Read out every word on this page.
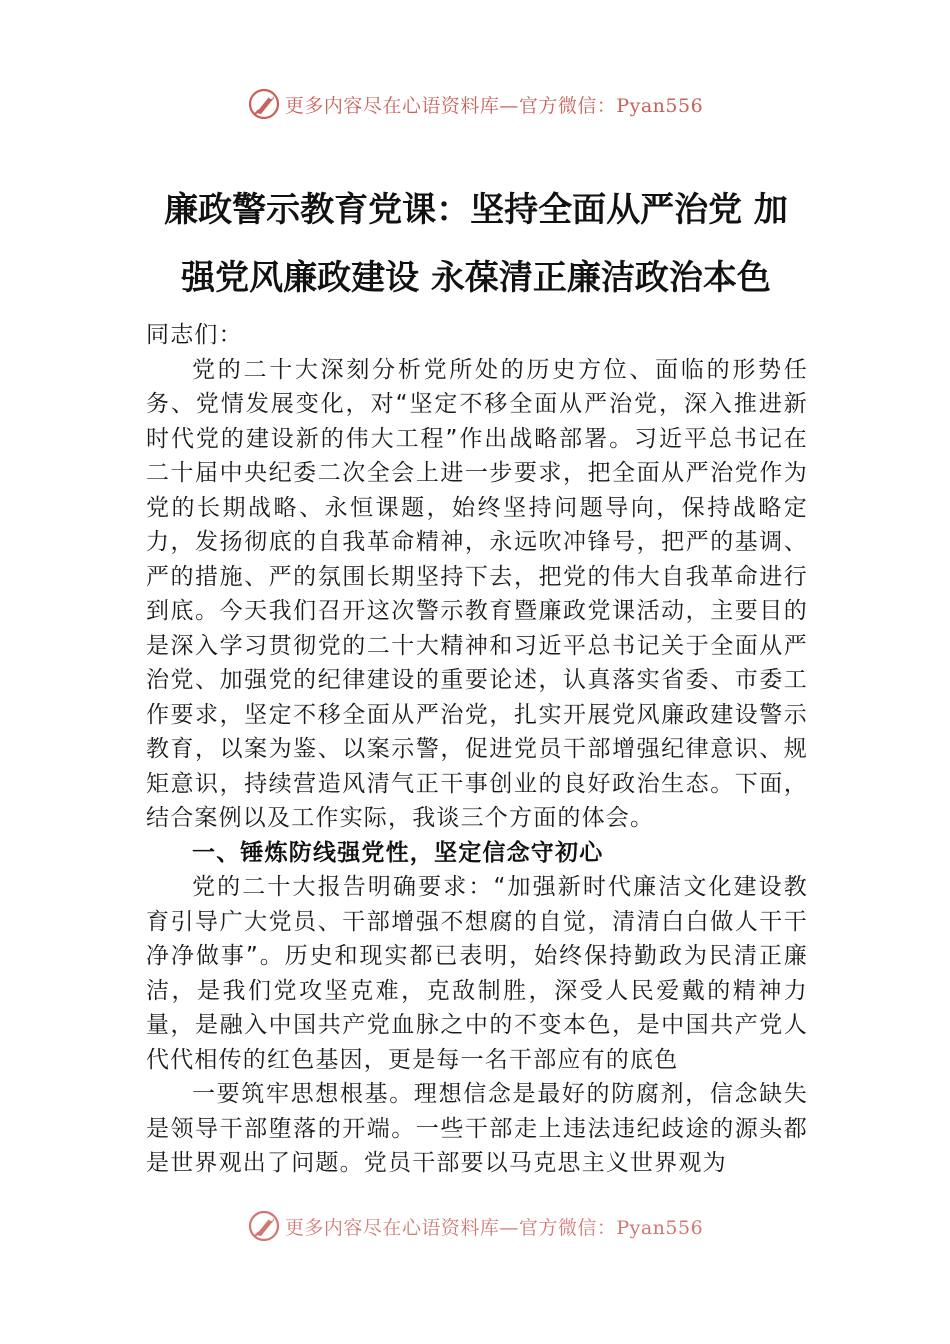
更多内容尽在心语资料库—官方微信：Pyan556
廉政警示教育党课：坚持全面从严治党 加
强党风廉政建设 永葆清正廉洁政治本色

同志们：

党的二十大深刻分析党所处的历史方位、面临的形势任务、党情发展变化，对“坚定不移全面从严治党，深入推进新时代党的建设新的伟大工程”作出战略部署。习近平总书记在二十届中央纪委二次全会上进一步要求，把全面从严治党作为党的长期战略、永恒课题，始终坚持问题导向，保持战略定力，发扬彻底的自我革命精神，永远吹冲锋号，把严的基调、严的措施、严的氛围长期坚持下去，把党的伟大自我革命进行到底。今天我们召开这次警示教育暨廉政党课活动，主要目的是深入学习贯彻党的二十大精神和习近平总书记关于全面从严治党、加强党的纪律建设的重要论述，认真落实省委、市委工作要求，坚定不移全面从严治党，扎实开展党风廉政建设警示教育，以案为鉴、以案示警，促进党员干部增强纪律意识、规矩意识，持续营造风清气正干事创业的良好政治生态。下面，结合案例以及工作实际，我谈三个方面的体会。

一、锤炼防线强党性，坚定信念守初心

党的二十大报告明确要求：“加强新时代廉洁文化建设教育引导广大党员、干部增强不想腐的自觉，清清白白做人干干净净做事”。历史和现实都已表明，始终保持勤政为民清正廉洁，是我们党攻坚克难，克敌制胜，深受人民爱戴的精神力量，是融入中国共产党血脉之中的不变本色，是中国共产党人代代相传的红色基因，更是每一名干部应有的底色

一要筑牢思想根基。理想信念是最好的防腐剂，信念缺失是领导干部堕落的开端。一些干部走上违法违纪歧途的源头都是世界观出了问题。党员干部要以马克思主义世界观为

更多内容尽在心语资料库—官方微信：Pyan556
